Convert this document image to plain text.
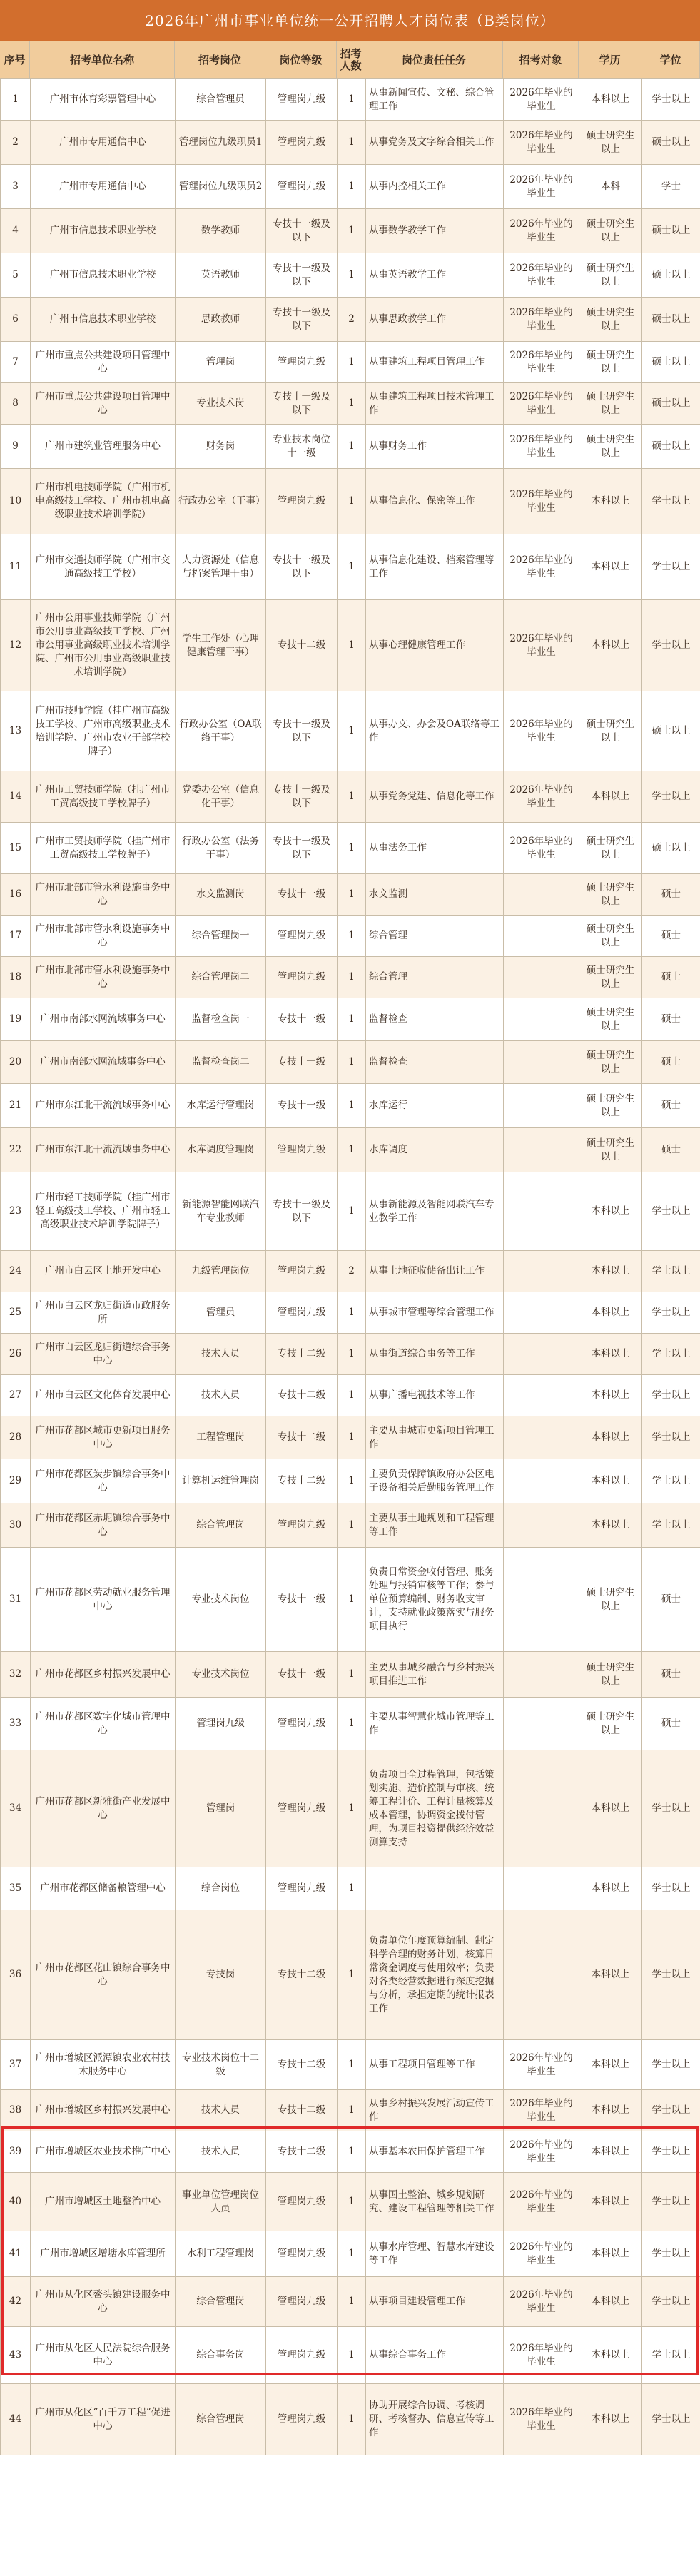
2026年广州市事业单位统一公开招聘人才岗位表（B类岗位）
序号	招考单位名称	招考岗位	岗位等级	招考人数	岗位责任任务	招考对象	学历	学位
1	广州市体育彩票管理中心	综合管理员	管理岗九级	1	从事新闻宣传、文秘、综合管理工作	2026年毕业的毕业生	本科以上	学士以上
2	广州市专用通信中心	管理岗位九级职员1	管理岗九级	1	从事党务及文字综合相关工作	2026年毕业的毕业生	硕士研究生以上	硕士以上
3	广州市专用通信中心	管理岗位九级职员2	管理岗九级	1	从事内控相关工作	2026年毕业的毕业生	本科	学士
4	广州市信息技术职业学校	数学教师	专技十一级及以下	1	从事数学教学工作	2026年毕业的毕业生	硕士研究生以上	硕士以上
5	广州市信息技术职业学校	英语教师	专技十一级及以下	1	从事英语教学工作	2026年毕业的毕业生	硕士研究生以上	硕士以上
6	广州市信息技术职业学校	思政教师	专技十一级及以下	2	从事思政教学工作	2026年毕业的毕业生	硕士研究生以上	硕士以上
7	广州市重点公共建设项目管理中心	管理岗	管理岗九级	1	从事建筑工程项目管理工作	2026年毕业的毕业生	硕士研究生以上	硕士以上
8	广州市重点公共建设项目管理中心	专业技术岗	专技十一级及以下	1	从事建筑工程项目技术管理工作	2026年毕业的毕业生	硕士研究生以上	硕士以上
9	广州市建筑业管理服务中心	财务岗	专业技术岗位十一级	1	从事财务工作	2026年毕业的毕业生	硕士研究生以上	硕士以上
10	广州市机电技师学院（广州市机电高级技工学校、广州市机电高级职业技术培训学院）	行政办公室（干事）	管理岗九级	1	从事信息化、保密等工作	2026年毕业的毕业生	本科以上	学士以上
11	广州市交通技师学院（广州市交通高级技工学校）	人力资源处（信息与档案管理干事）	专技十一级及以下	1	从事信息化建设、档案管理等工作	2026年毕业的毕业生	本科以上	学士以上
12	广州市公用事业技师学院（广州市公用事业高级技工学校、广州市公用事业高级职业技术培训学院、广州市公用事业高级职业技术培训学院）	学生工作处（心理健康管理干事）	专技十二级	1	从事心理健康管理工作	2026年毕业的毕业生	本科以上	学士以上
13	广州市技师学院（挂广州市高级技工学校、广州市高级职业技术培训学院、广州市农业干部学校牌子）	行政办公室（OA联络干事）	专技十一级及以下	1	从事办文、办会及OA联络等工作	2026年毕业的毕业生	硕士研究生以上	硕士以上
14	广州市工贸技师学院（挂广州市工贸高级技工学校牌子）	党委办公室（信息化干事）	专技十一级及以下	1	从事党务党建、信息化等工作	2026年毕业的毕业生	本科以上	学士以上
15	广州市工贸技师学院（挂广州市工贸高级技工学校牌子）	行政办公室（法务干事）	专技十一级及以下	1	从事法务工作	2026年毕业的毕业生	硕士研究生以上	硕士以上
16	广州市北部市管水利设施事务中心	水文监测岗	专技十一级	1	水文监测		硕士研究生以上	硕士
17	广州市北部市管水利设施事务中心	综合管理岗一	管理岗九级	1	综合管理		硕士研究生以上	硕士
18	广州市北部市管水利设施事务中心	综合管理岗二	管理岗九级	1	综合管理		硕士研究生以上	硕士
19	广州市南部水网流域事务中心	监督检查岗一	专技十一级	1	监督检查		硕士研究生以上	硕士
20	广州市南部水网流域事务中心	监督检查岗二	专技十一级	1	监督检查		硕士研究生以上	硕士
21	广州市东江北干流流域事务中心	水库运行管理岗	专技十一级	1	水库运行		硕士研究生以上	硕士
22	广州市东江北干流流域事务中心	水库调度管理岗	管理岗九级	1	水库调度		硕士研究生以上	硕士
23	广州市轻工技师学院（挂广州市轻工高级技工学校、广州市轻工高级职业技术培训学院牌子）	新能源智能网联汽车专业教师	专技十一级及以下	1	从事新能源及智能网联汽车专业教学工作		本科以上	学士以上
24	广州市白云区土地开发中心	九级管理岗位	管理岗九级	2	从事土地征收储备出让工作		本科以上	学士以上
25	广州市白云区龙归街道市政服务所	管理员	管理岗九级	1	从事城市管理等综合管理工作		本科以上	学士以上
26	广州市白云区龙归街道综合事务中心	技术人员	专技十二级	1	从事街道综合事务等工作		本科以上	学士以上
27	广州市白云区文化体育发展中心	技术人员	专技十二级	1	从事广播电视技术等工作		本科以上	学士以上
28	广州市花都区城市更新项目服务中心	工程管理岗	专技十二级	1	主要从事城市更新项目管理工作		本科以上	学士以上
29	广州市花都区炭步镇综合事务中心	计算机运维管理岗	专技十二级	1	主要负责保障镇政府办公区电子设备相关后勤服务管理工作		本科以上	学士以上
30	广州市花都区赤坭镇综合事务中心	综合管理岗	管理岗九级	1	主要从事土地规划和工程管理等工作		本科以上	学士以上
31	广州市花都区劳动就业服务管理中心	专业技术岗位	专技十一级	1	负责日常资金收付管理、账务处理与报销审核等工作；参与单位预算编制、财务收支审计，支持就业政策落实与服务项目执行		硕士研究生以上	硕士
32	广州市花都区乡村振兴发展中心	专业技术岗位	专技十一级	1	主要从事城乡融合与乡村振兴项目推进工作		硕士研究生以上	硕士
33	广州市花都区数字化城市管理中心	管理岗九级	管理岗九级	1	主要从事智慧化城市管理等工作		硕士研究生以上	硕士
34	广州市花都区新雅街产业发展中心	管理岗	管理岗九级	1	负责项目全过程管理，包括策划实施、造价控制与审核、统筹工程计价、工程计量核算及成本管理，协调资金拨付管理，为项目投资提供经济效益测算支持		本科以上	学士以上
35	广州市花都区储备粮管理中心	综合岗位	管理岗九级	1			本科以上	学士以上
36	广州市花都区花山镇综合事务中心	专技岗	专技十二级	1	负责单位年度预算编制、制定科学合理的财务计划，核算日常资金调度与使用效率；负责对各类经营数据进行深度挖掘与分析，承担定期的统计报表工作		本科以上	学士以上
37	广州市增城区派潭镇农业农村技术服务中心	专业技术岗位十二级	专技十二级	1	从事工程项目管理等工作	2026年毕业的毕业生	本科以上	学士以上
38	广州市增城区乡村振兴发展中心	技术人员	专技十二级	1	从事乡村振兴发展活动宣传工作	2026年毕业的毕业生	本科以上	学士以上
39	广州市增城区农业技术推广中心	技术人员	专技十二级	1	从事基本农田保护管理工作	2026年毕业的毕业生	本科以上	学士以上
40	广州市增城区土地整治中心	事业单位管理岗位人员	管理岗九级	1	从事国土整治、城乡规划研究、建设工程管理等相关工作	2026年毕业的毕业生	本科以上	学士以上
41	广州市增城区增塘水库管理所	水利工程管理岗	管理岗九级	1	从事水库管理、智慧水库建设等工作	2026年毕业的毕业生	本科以上	学士以上
42	广州市从化区鳌头镇建设服务中心	综合管理岗	管理岗九级	1	从事项目建设管理工作	2026年毕业的毕业生	本科以上	学士以上
43	广州市从化区人民法院综合服务中心	综合事务岗	管理岗九级	1	从事综合事务工作	2026年毕业的毕业生	本科以上	学士以上
44	广州市从化区“百千万工程”促进中心	综合管理岗	管理岗九级	1	协助开展综合协调、考核调研、考核督办、信息宣传等工作	2026年毕业的毕业生	本科以上	学士以上
